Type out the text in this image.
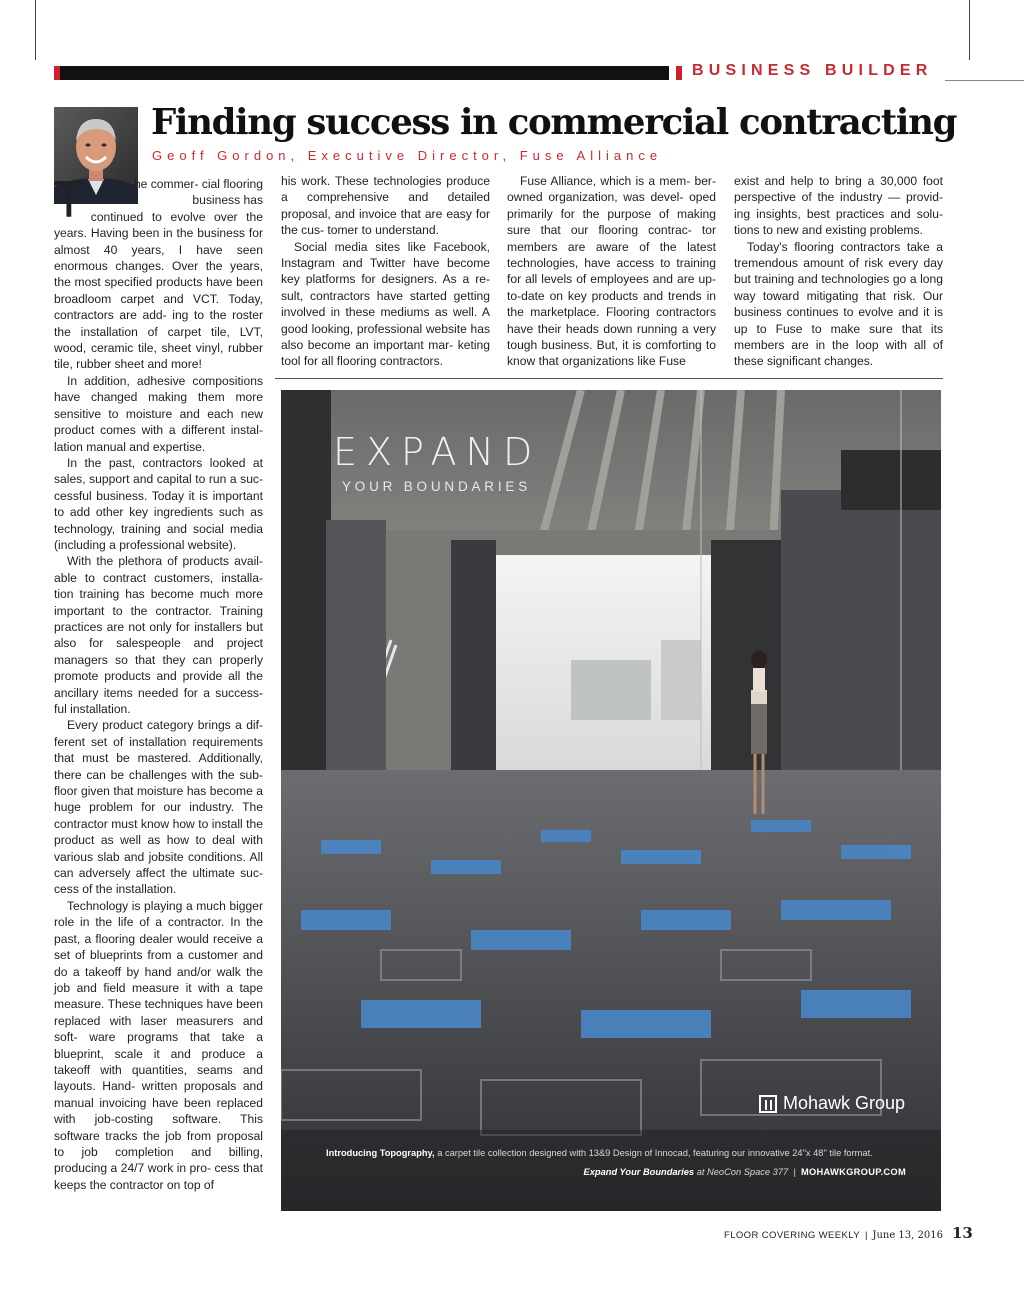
BUSINESS BUILDER
Finding success in commercial contracting
Geoff Gordon, Executive Director, Fuse Alliance

T	he commer- cial flooring business has
continued to evolve over the years. Having been in the business for almost 40 years, I have seen enormous changes. Over the years, the most specified products have been broadloom carpet and VCT. Today, contractors are add- ing to the roster the installation of carpet tile, LVT, wood, ceramic tile, sheet vinyl, rubber tile, rubber sheet and more!

In addition, adhesive compositions have changed making them more sensitive to moisture and each new product comes with a different instal- lation manual and expertise.

In the past, contractors looked at sales, support and capital to run a suc- cessful business. Today it is important to add other key ingredients such as technology, training and social media (including a professional website).

With the plethora of products avail- able to contract customers, installa- tion training has become much more important to the contractor. Training practices are not only for installers but also for salespeople and project managers so that they can properly promote products and provide all the ancillary items needed for a success- ful installation.

Every product category brings a dif- ferent set of installation requirements that must be mastered. Additionally, there can be challenges with the sub- floor given that moisture has become a huge problem for our industry. The contractor must know how to install the product as well as how to deal with various slab and jobsite conditions. All can adversely affect the ultimate suc- cess of the installation.

Technology is playing a much bigger role in the life of a contractor. In the past, a flooring dealer would receive a set of blueprints from a customer and do a takeoff by hand and/or walk the job and field measure it with a tape measure. These techniques have been replaced with laser measurers and soft- ware programs that take a blueprint, scale it and produce a takeoff with quantities, seams and layouts. Hand- written proposals and manual invoicing have been replaced with job-costing software. This software tracks the job from proposal to job completion and billing, producing a 24/7 work in pro- cess that keeps the contractor on top of

his work. These technologies produce a comprehensive and detailed proposal, and invoice that are easy for the cus- tomer to understand.

Social media sites like Facebook, Instagram and Twitter have become key platforms for designers. As a re- sult, contractors have started getting involved in these mediums as well. A good looking, professional website has also become an important mar- keting tool for all flooring contractors.

Fuse Alliance, which is a mem- ber-owned organization, was devel- oped primarily for the purpose of making sure that our flooring contrac- tor members are aware of the latest technologies, have access to training for all levels of employees and are up- to-date on key products and trends in the marketplace. Flooring contractors have their heads down running a very tough business. But, it is comforting to know that organizations like Fuse

exist and help to bring a 30,000 foot perspective of the industry — provid- ing insights, best practices and solu- tions to new and existing problems.

Today's flooring contractors take a tremendous amount of risk every day but training and technologies go a long way toward mitigating that risk. Our business continues to evolve and it is up to Fuse to make sure that its members are in the loop with all of these significant changes.

EXPAND
YOUR BOUNDARIES
Mohawk Group
Introducing Topography, a carpet tile collection designed with 13&9 Design of Innocad, featuring our innovative 24"x 48" tile format.
Expand Your Boundaries at NeoCon Space 377 | MOHAWKGROUP.COM
FLOOR COVERING WEEKLY | June 13, 2016 13
